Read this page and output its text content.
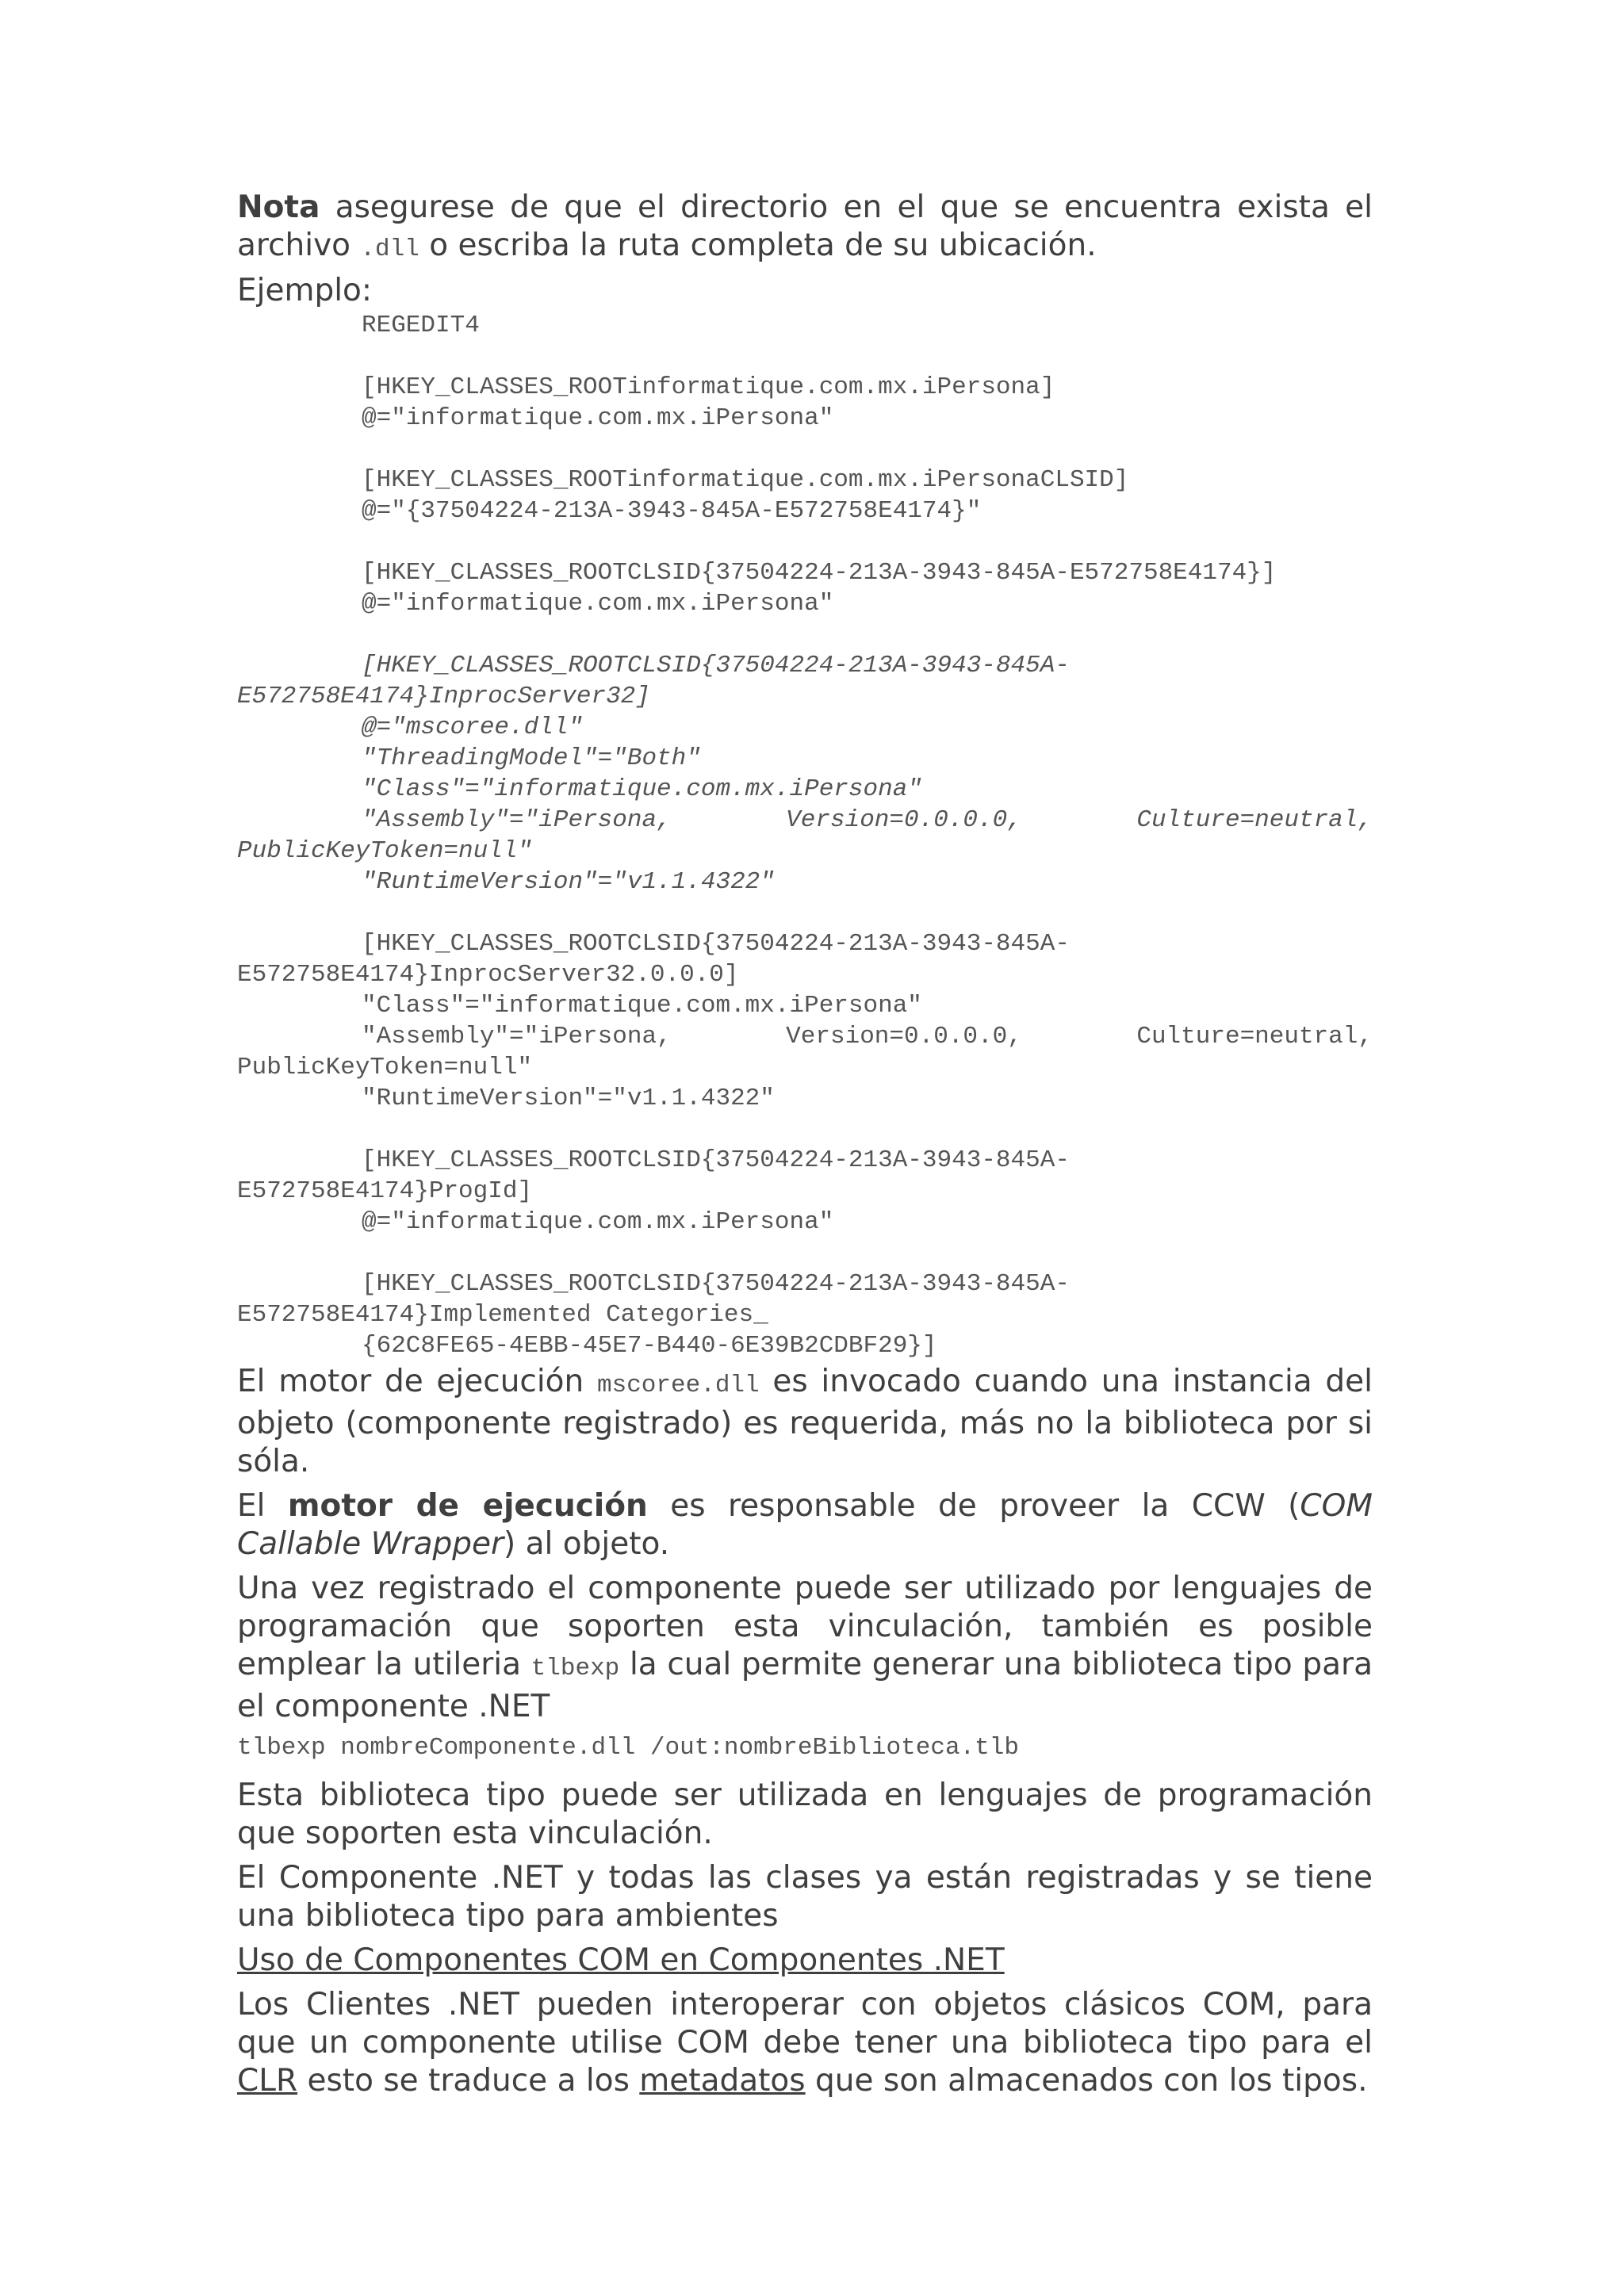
Nota asegurese de que el directorio en el que se encuentra exista el archivo .dll o escriba la ruta completa de su ubicación.

Ejemplo:

REGEDIT4
[HKEY_CLASSES_ROOTinformatique.com.mx.iPersona]
@="informatique.com.mx.iPersona"
[HKEY_CLASSES_ROOTinformatique.com.mx.iPersonaCLSID]
@="{37504224-213A-3943-845A-E572758E4174}"
[HKEY_CLASSES_ROOTCLSID{37504224-213A-3943-845A-E572758E4174}]
@="informatique.com.mx.iPersona"
[HKEY_CLASSES_ROOTCLSID{37504224-213A-3943-845A-
E572758E4174}InprocServer32]
@="mscoree.dll"
"ThreadingModel"="Both"
"Class"="informatique.com.mx.iPersona"
"Assembly"="iPersona, Version=0.0.0.0, Culture=neutral,
PublicKeyToken=null"
"RuntimeVersion"="v1.1.4322"
[HKEY_CLASSES_ROOTCLSID{37504224-213A-3943-845A-
E572758E4174}InprocServer32.0.0.0]
"Class"="informatique.com.mx.iPersona"
"Assembly"="iPersona, Version=0.0.0.0, Culture=neutral,
PublicKeyToken=null"
"RuntimeVersion"="v1.1.4322"
[HKEY_CLASSES_ROOTCLSID{37504224-213A-3943-845A-
E572758E4174}ProgId]
@="informatique.com.mx.iPersona"
[HKEY_CLASSES_ROOTCLSID{37504224-213A-3943-845A-
E572758E4174}Implemented Categories_
{62C8FE65-4EBB-45E7-B440-6E39B2CDBF29}]

El motor de ejecución mscoree.dll es invocado cuando una instancia del objeto (componente registrado) es requerida, más no la biblioteca por si sóla.

El motor de ejecución es responsable de proveer la CCW (COM Callable Wrapper) al objeto.

Una vez registrado el componente puede ser utilizado por lenguajes de programación que soporten esta vinculación, también es posible emplear la utileria tlbexp la cual permite generar una biblioteca tipo para el componente .NET

tlbexp nombreComponente.dll /out:nombreBiblioteca.tlb

Esta biblioteca tipo puede ser utilizada en lenguajes de programación que soporten esta vinculación.

El Componente .NET y todas las clases ya están registradas y se tiene una biblioteca tipo para ambientes

Uso de Componentes COM en Componentes .NET

Los Clientes .NET pueden interoperar con objetos clásicos COM, para que un componente utilise COM debe tener una biblioteca tipo para el CLR esto se traduce a los metadatos que son almacenados con los tipos.
